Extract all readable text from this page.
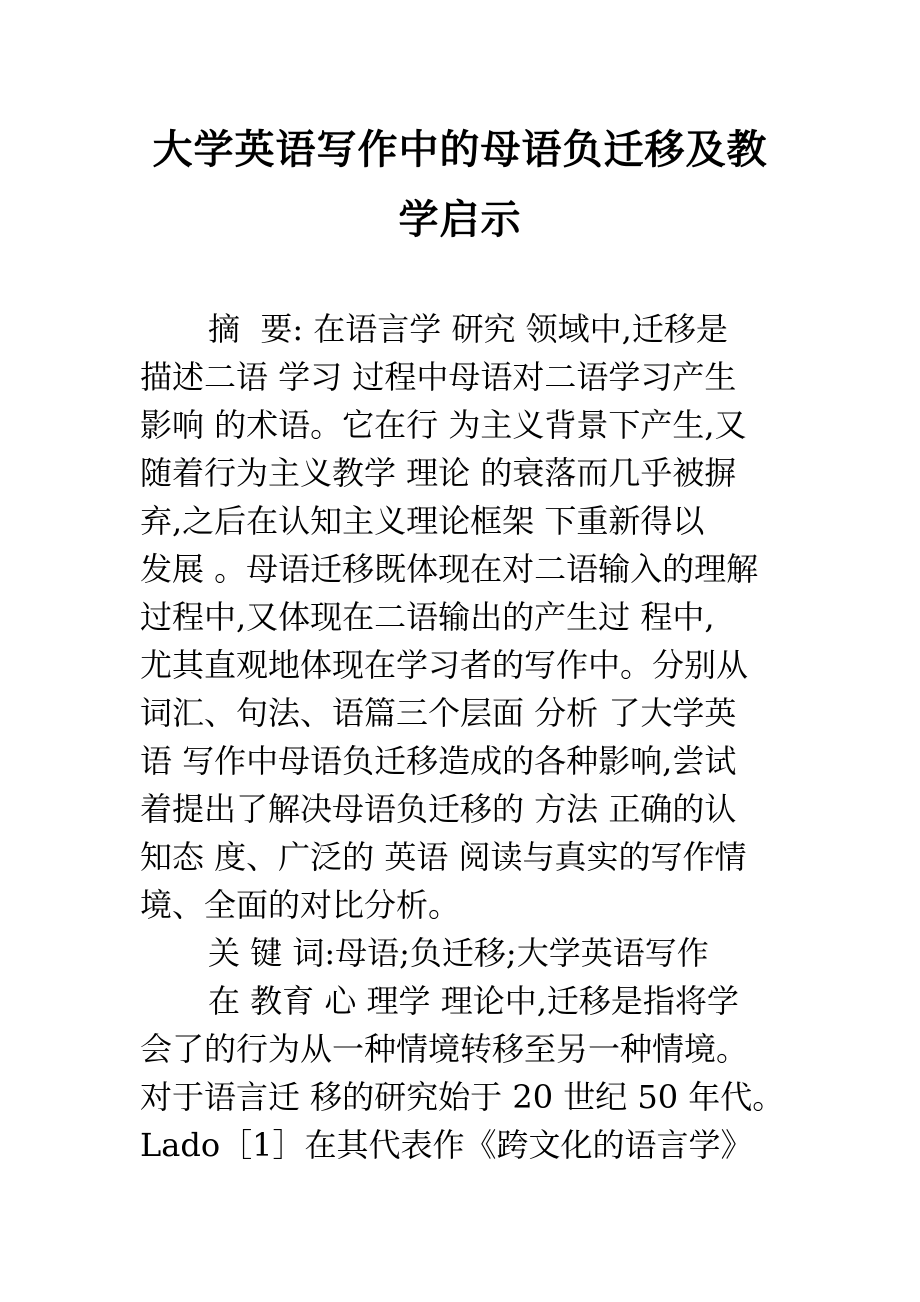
大学英语写作中的母语负迁移及教
学启示
摘  要: 在语言学 研究 领域中,迁移是
描述二语 学习 过程中母语对二语学习产生
影响 的术语。它在行 为主义背景下产生,又
随着行为主义教学 理论 的衰落而几乎被摒
弃,之后在认知主义理论框架 下重新得以
发展 。母语迁移既体现在对二语输入的理解
过程中,又体现在二语输出的产生过 程中,
尤其直观地体现在学习者的写作中。分别从
词汇、句法、语篇三个层面 分析 了大学英
语 写作中母语负迁移造成的各种影响,尝试
着提出了解决母语负迁移的 方法 正确的认
知态 度、广泛的 英语 阅读与真实的写作情
境、全面的对比分析。
关 键 词:母语;负迁移;大学英语写作
在 教育 心 理学 理论中,迁移是指将学
会了的行为从一种情境转移至另一种情境。
对于语言迁 移的研究始于 20 世纪 50 年代。
Lado［1］在其代表作《跨文化的语言学》
